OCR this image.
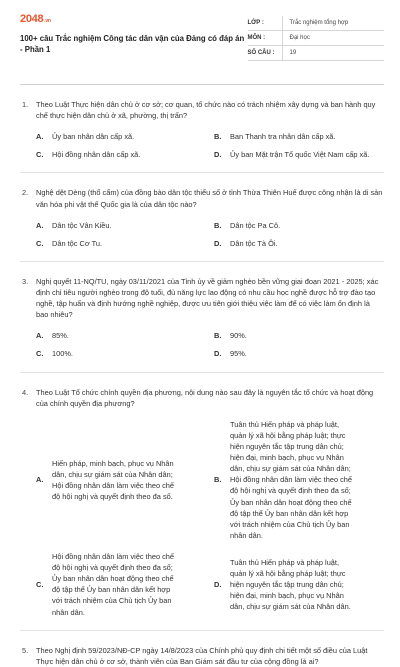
2048.vn
100+ câu Trắc nghiệm Công tác dân vận của Đảng có đáp án - Phần 1
LỚP :	Trắc nghiệm tổng hợp
MÔN :	Đại học
SỐ CÂU :	19
1. Theo Luật Thực hiện dân chủ ở cơ sở; cơ quan, tổ chức nào có trách nhiệm xây dựng và ban hành quy chế thực hiện dân chủ ở xã, phường, thị trấn?
A.	Ủy ban nhân dân cấp xã.	B.	Ban Thanh tra nhân dân cấp xã.
C.	Hội đồng nhân dân cấp xã.	D.	Ủy ban Mặt trận Tổ quốc Việt Nam cấp xã.
2. Nghệ dệt Dèng (thổ cẩm) của đồng bào dân tộc thiểu số ở tỉnh Thừa Thiên Huế được công nhận là di sản văn hóa phi vật thể Quốc gia là của dân tộc nào?
A.	Dân tộc Vân Kiều.	B.	Dân tộc Pa Cô.
C.	Dân tộc Cơ Tu.	D.	Dân tộc Tà Ôi.
3. Nghị quyết 11-NQ/TU, ngày 03/11/2021 của Tỉnh ủy về giảm nghèo bền vững giai đoạn 2021 - 2025; xác định chỉ tiêu người nghèo trong độ tuổi, đủ năng lực lao động có nhu cầu học nghề được hỗ trợ đào tạo nghề, tập huấn và định hướng nghề nghiệp, được ưu tiên giới thiệu việc làm để có việc làm ổn định là bao nhiêu?
A.	85%.	B.	90%.
C.	100%.	D.	95%.
4. Theo Luật Tổ chức chính quyền địa phương, nội dung nào sau đây là nguyên tắc tổ chức và hoạt động của chính quyền địa phương?
A.
Hiến pháp, minh bạch, phục vụ Nhân dân, chịu sự giám sát của Nhân dân; Hội đồng nhân dân làm việc theo chế độ hội nghị và quyết định theo đa số.
B.
Tuân thủ Hiến pháp và pháp luật, quản lý xã hội bằng pháp luật; thực hiện nguyên tắc tập trung dân chủ; hiện đại, minh bạch, phục vụ Nhân dân, chịu sự giám sát của Nhân dân; Hội đồng nhân dân làm việc theo chế độ hội nghị và quyết định theo đa số; Ủy ban nhân dân hoạt động theo chế độ tập thể Ủy ban nhân dân kết hợp với trách nhiệm của Chủ tịch Ủy ban nhân dân.
C.
Hội đồng nhân dân làm việc theo chế độ hội nghị và quyết định theo đa số; Ủy ban nhân dân hoạt động theo chế độ tập thể Ủy ban nhân dân kết hợp với trách nhiệm của Chủ tịch Ủy ban nhân dân.
D.
Tuân thủ Hiến pháp và pháp luật, quản lý xã hội bằng pháp luật; thực hiện nguyên tắc tập trung dân chủ; hiện đại, minh bạch, phục vụ Nhân dân, chịu sự giám sát của Nhân dân.
5. Theo Nghị định 59/2023/NĐ-CP ngày 14/8/2023 của Chính phủ quy định chi tiết một số điều của Luật Thực hiện dân chủ ở cơ sở, thành viên của Ban Giám sát đầu tư của cộng đồng là ai?
